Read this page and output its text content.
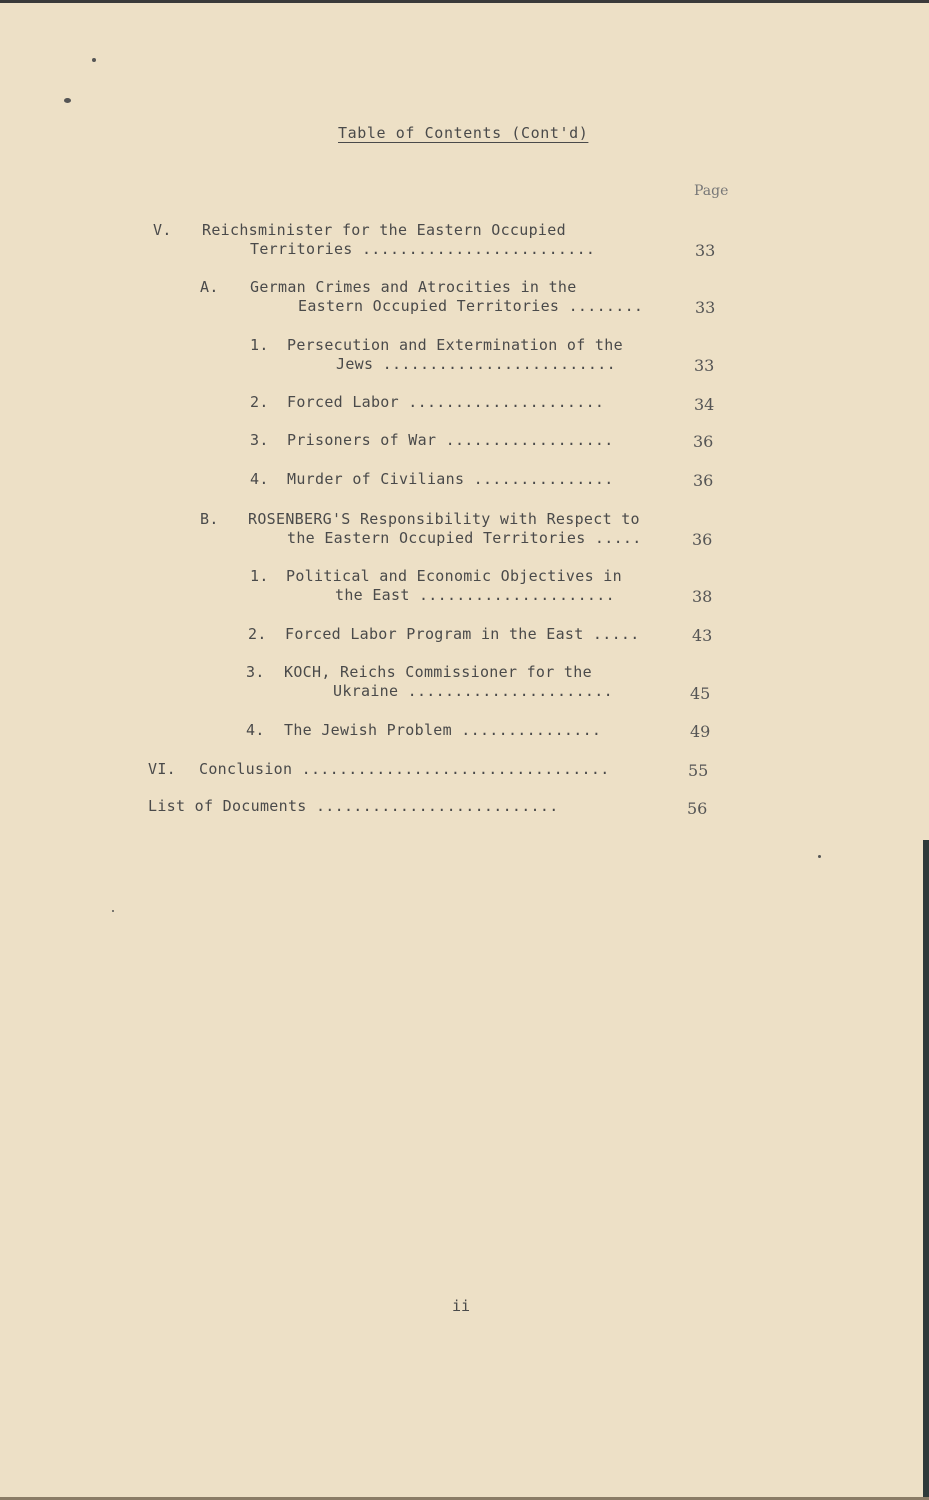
Table of Contents (Cont'd)
Page
V. Reichsminister for the Eastern Occupied
Territories .........................	33
A. German Crimes and Atrocities in the
Eastern Occupied Territories ........	33
1. Persecution and Extermination of the
Jews .........................	33
2. Forced Labor .....................	34
3. Prisoners of War ..................	36
4. Murder of Civilians ...............	36
B. ROSENBERG'S Responsibility with Respect to
the Eastern Occupied Territories .....	36
1. Political and Economic Objectives in
the East .....................	38
2. Forced Labor Program in the East .....	43
3. KOCH, Reichs Commissioner for the
Ukraine ......................	45
4. The Jewish Problem ...............	49
VI. Conclusion .................................	55
List of Documents ..........................	56
ii
